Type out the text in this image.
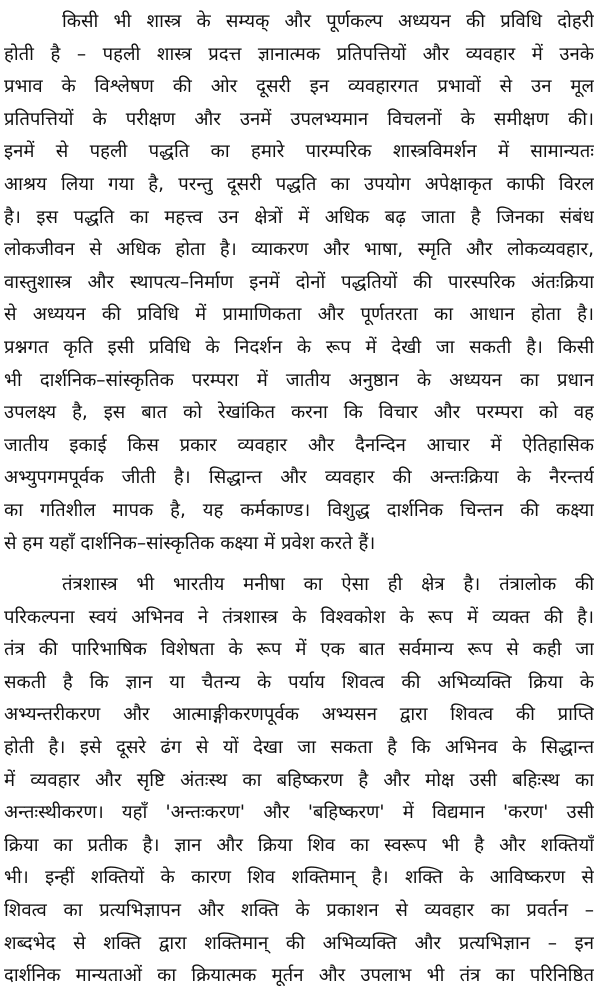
किसी भी शास्त्र के सम्यक् और पूर्णकल्प अध्ययन की प्रविधि दोहरी
होती है – पहली शास्त्र प्रदत्त ज्ञानात्मक प्रतिपत्तियों और व्यवहार में उनके
प्रभाव के विश्लेषण की ओर दूसरी इन व्यवहारगत प्रभावों से उन मूल
प्रतिपत्तियों के परीक्षण और उनमें उपलभ्यमान विचलनों के समीक्षण की।
इनमें से पहली पद्धति का हमारे पारम्परिक शास्त्रविमर्शन में सामान्यतः
आश्रय लिया गया है, परन्तु दूसरी पद्धति का उपयोग अपेक्षाकृत काफी विरल
है। इस पद्धति का महत्त्व उन क्षेत्रों में अधिक बढ़ जाता है जिनका संबंध
लोकजीवन से अधिक होता है। व्याकरण और भाषा, स्मृति और लोकव्यवहार,
वास्तुशास्त्र और स्थापत्य–निर्माण इनमें दोनों पद्धतियों की पारस्परिक अंतःक्रिया
से अध्ययन की प्रविधि में प्रामाणिकता और पूर्णतरता का आधान होता है।
प्रश्नगत कृति इसी प्रविधि के निदर्शन के रूप में देखी जा सकती है। किसी
भी दार्शनिक–सांस्कृतिक परम्परा में जातीय अनुष्ठान के अध्ययन का प्रधान
उपलक्ष्य है, इस बात को रेखांकित करना कि विचार और परम्परा को वह
जातीय इकाई किस प्रकार व्यवहार और दैनन्दिन आचार में ऐतिहासिक
अभ्युपगमपूर्वक जीती है। सिद्धान्त और व्यवहार की अन्तःक्रिया के नैरन्तर्य
का गतिशील मापक है, यह कर्मकाण्ड। विशुद्ध दार्शनिक चिन्तन की कक्ष्या
से हम यहाँ दार्शनिक–सांस्कृतिक कक्ष्या में प्रवेश करते हैं।
तंत्रशास्त्र भी भारतीय मनीषा का ऐसा ही क्षेत्र है। तंत्रालोक की
परिकल्पना स्वयं अभिनव ने तंत्रशास्त्र के विश्वकोश के रूप में व्यक्त की है।
तंत्र की पारिभाषिक विशेषता के रूप में एक बात सर्वमान्य रूप से कही जा
सकती है कि ज्ञान या चैतन्य के पर्याय शिवत्व की अभिव्यक्ति क्रिया के
अभ्यन्तरीकरण और आत्माङ्गीकरणपूर्वक अभ्यसन द्वारा शिवत्व की प्राप्ति
होती है। इसे दूसरे ढंग से यों देखा जा सकता है कि अभिनव के सिद्धान्त
में व्यवहार और सृष्टि अंतःस्थ का बहिष्करण है और मोक्ष उसी बहिःस्थ का
अन्तःस्थीकरण। यहाँ 'अन्तःकरण' और 'बहिष्करण' में विद्यमान 'करण' उसी
क्रिया का प्रतीक है। ज्ञान और क्रिया शिव का स्वरूप भी है और शक्तियाँ
भी। इन्हीं शक्तियों के कारण शिव शक्तिमान् है। शक्ति के आविष्करण से
शिवत्व का प्रत्यभिज्ञापन और शक्ति के प्रकाशन से व्यवहार का प्रवर्तन –
शब्दभेद से शक्ति द्वारा शक्तिमान् की अभिव्यक्ति और प्रत्यभिज्ञान – इन
दार्शनिक मान्यताओं का क्रियात्मक मूर्तन और उपलाभ भी तंत्र का परिनिष्ठित
